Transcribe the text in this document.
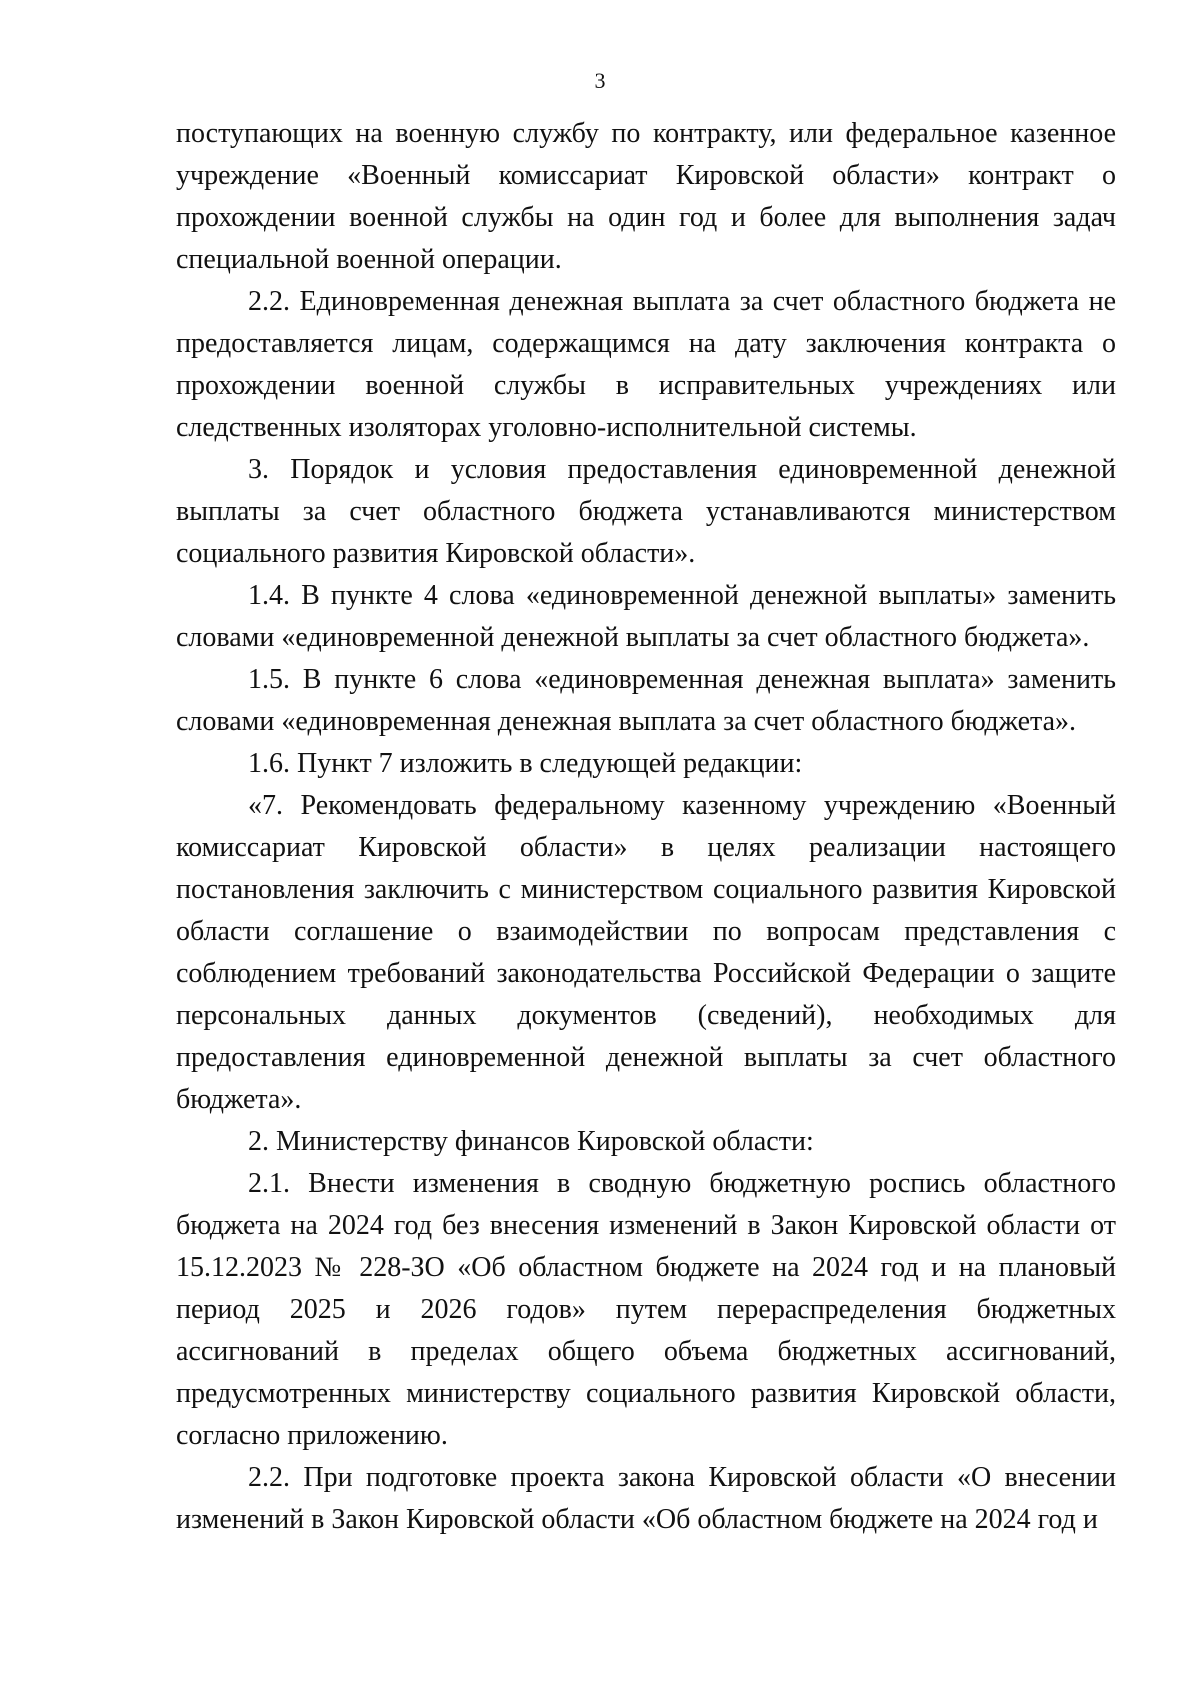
3

поступающих на военную службу по контракту, или федеральное казенное учреждение «Военный комиссариат Кировской области» контракт о прохождении военной службы на один год и более для выполнения задач специальной военной операции.

2.2. Единовременная денежная выплата за счет областного бюджета не предоставляется лицам, содержащимся на дату заключения контракта о прохождении военной службы в исправительных учреждениях или следственных изоляторах уголовно-исполнительной системы.

3. Порядок и условия предоставления единовременной денежной выплаты за счет областного бюджета устанавливаются министерством социального развития Кировской области».

1.4. В пункте 4 слова «единовременной денежной выплаты» заменить словами «единовременной денежной выплаты за счет областного бюджета».

1.5. В пункте 6 слова «единовременная денежная выплата» заменить словами «единовременная денежная выплата за счет областного бюджета».

1.6. Пункт 7 изложить в следующей редакции:

«7. Рекомендовать федеральному казенному учреждению «Военный комиссариат Кировской области» в целях реализации настоящего постановления заключить с министерством социального развития Кировской области соглашение о взаимодействии по вопросам представления с соблюдением требований законодательства Российской Федерации о защите персональных данных документов (сведений), необходимых для предоставления единовременной денежной выплаты за счет областного бюджета».

2. Министерству финансов Кировской области:

2.1. Внести изменения в сводную бюджетную роспись областного бюджета на 2024 год без внесения изменений в Закон Кировской области от 15.12.2023 № 228-ЗО «Об областном бюджете на 2024 год и на плановый период 2025 и 2026 годов» путем перераспределения бюджетных ассигнований в пределах общего объема бюджетных ассигнований, предусмотренных министерству социального развития Кировской области, согласно приложению.

2.2. При подготовке проекта закона Кировской области «О внесении изменений в Закон Кировской области «Об областном бюджете на 2024 год и
